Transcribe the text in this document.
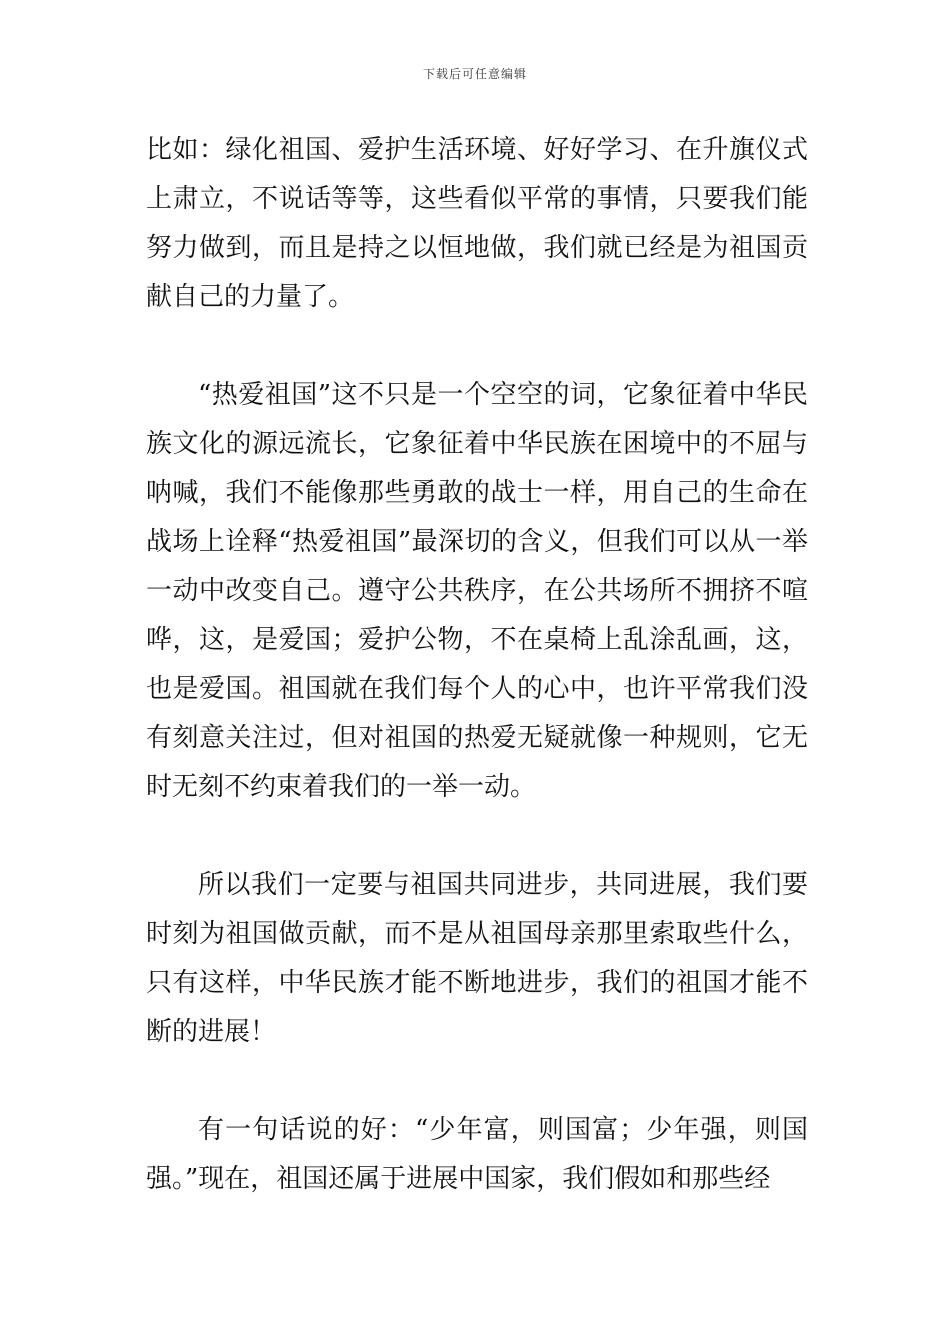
下载后可任意编辑

比如：绿化祖国、爱护生活环境、好好学习、在升旗仪式上肃立，不说话等等，这些看似平常的事情，只要我们能努力做到，而且是持之以恒地做，我们就已经是为祖国贡献自己的力量了。

“热爱祖国”这不只是一个空空的词，它象征着中华民族文化的源远流长，它象征着中华民族在困境中的不屈与呐喊，我们不能像那些勇敢的战士一样，用自己的生命在战场上诠释“热爱祖国”最深切的含义，但我们可以从一举一动中改变自己。遵守公共秩序，在公共场所不拥挤不喧哗，这，是爱国；爱护公物，不在桌椅上乱涂乱画，这，也是爱国。祖国就在我们每个人的心中，也许平常我们没有刻意关注过，但对祖国的热爱无疑就像一种规则，它无时无刻不约束着我们的一举一动。

所以我们一定要与祖国共同进步，共同进展，我们要时刻为祖国做贡献，而不是从祖国母亲那里索取些什么，只有这样，中华民族才能不断地进步，我们的祖国才能不断的进展！

有一句话说的好：“少年富，则国富；少年强，则国强。”现在，祖国还属于进展中国家，我们假如和那些经
